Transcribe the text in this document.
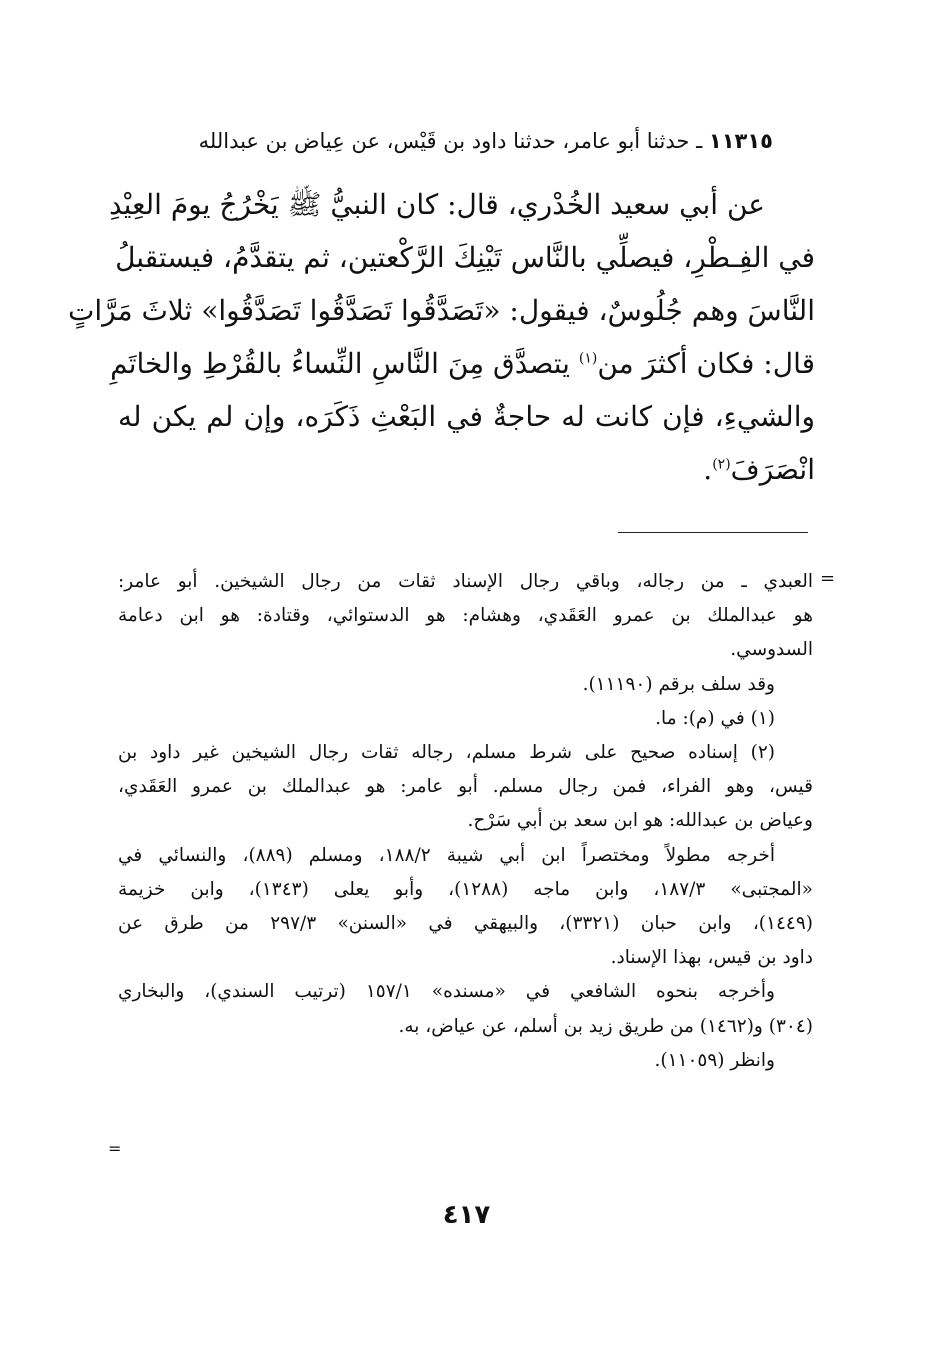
١١٣١٥ ـ حدثنا أبو عامر، حدثنا داود بن قَيْس، عن عِياض بن عبدالله
عن أبي سعيد الخُدْري، قال: كان النبيُّ ﷺ يَخْرُجُ يومَ العِيْدِ
في الفِـطْرِ، فيصلِّي بالنَّاس تَيْنِكَ الرَّكْعتين، ثم يتقدَّمُ، فيستقبلُ
النَّاسَ وهم جُلُوسٌ، فيقول: «تَصَدَّقُوا تَصَدَّقُوا تَصَدَّقُوا» ثلاثَ مَرَّاتٍ
قال: فكان أكثرَ من$^{(١)}$ يتصدَّق مِنَ النَّاسِ النِّساءُ بالقُرْطِ والخاتَمِ
والشيءِ، فإن كانت له حاجةٌ في البَعْثِ ذَكَرَه، وإن لم يكن له
انْصَرَفَ$^{(٢)}$.
=
العبدي ـ من رجاله، وباقي رجال الإسناد ثقات من رجال الشيخين. أبو عامر:
هو عبدالملك بن عمرو العَقَدي، وهشام: هو الدستوائي، وقتادة: هو ابن دعامة
السدوسي.
وقد سلف برقم (١١١٩٠).
(١) في (م): ما.
(٢) إسناده صحيح على شرط مسلم، رجاله ثقات رجال الشيخين غير داود بن
قيس، وهو الفراء، فمن رجال مسلم. أبو عامر: هو عبدالملك بن عمرو العَقَدي،
وعياض بن عبدالله: هو ابن سعد بن أبي سَرْح.
أخرجه مطولاً ومختصراً ابن أبي شيبة ١٨٨/٢، ومسلم (٨٨٩)، والنسائي في
«المجتبى» ١٨٧/٣، وابن ماجه (١٢٨٨)، وأبو يعلى (١٣٤٣)، وابن خزيمة
(١٤٤٩)، وابن حبان (٣٣٢١)، والبيهقي في «السنن» ٢٩٧/٣ من طرق عن
داود بن قيس، بهذا الإسناد.
وأخرجه بنحوه الشافعي في «مسنده» ١٥٧/١ (ترتيب السندي)، والبخاري
(٣٠٤) و(١٤٦٢) من طريق زيد بن أسلم، عن عياض، به.
وانظر (١١٠٥٩).
=
٤١٧
